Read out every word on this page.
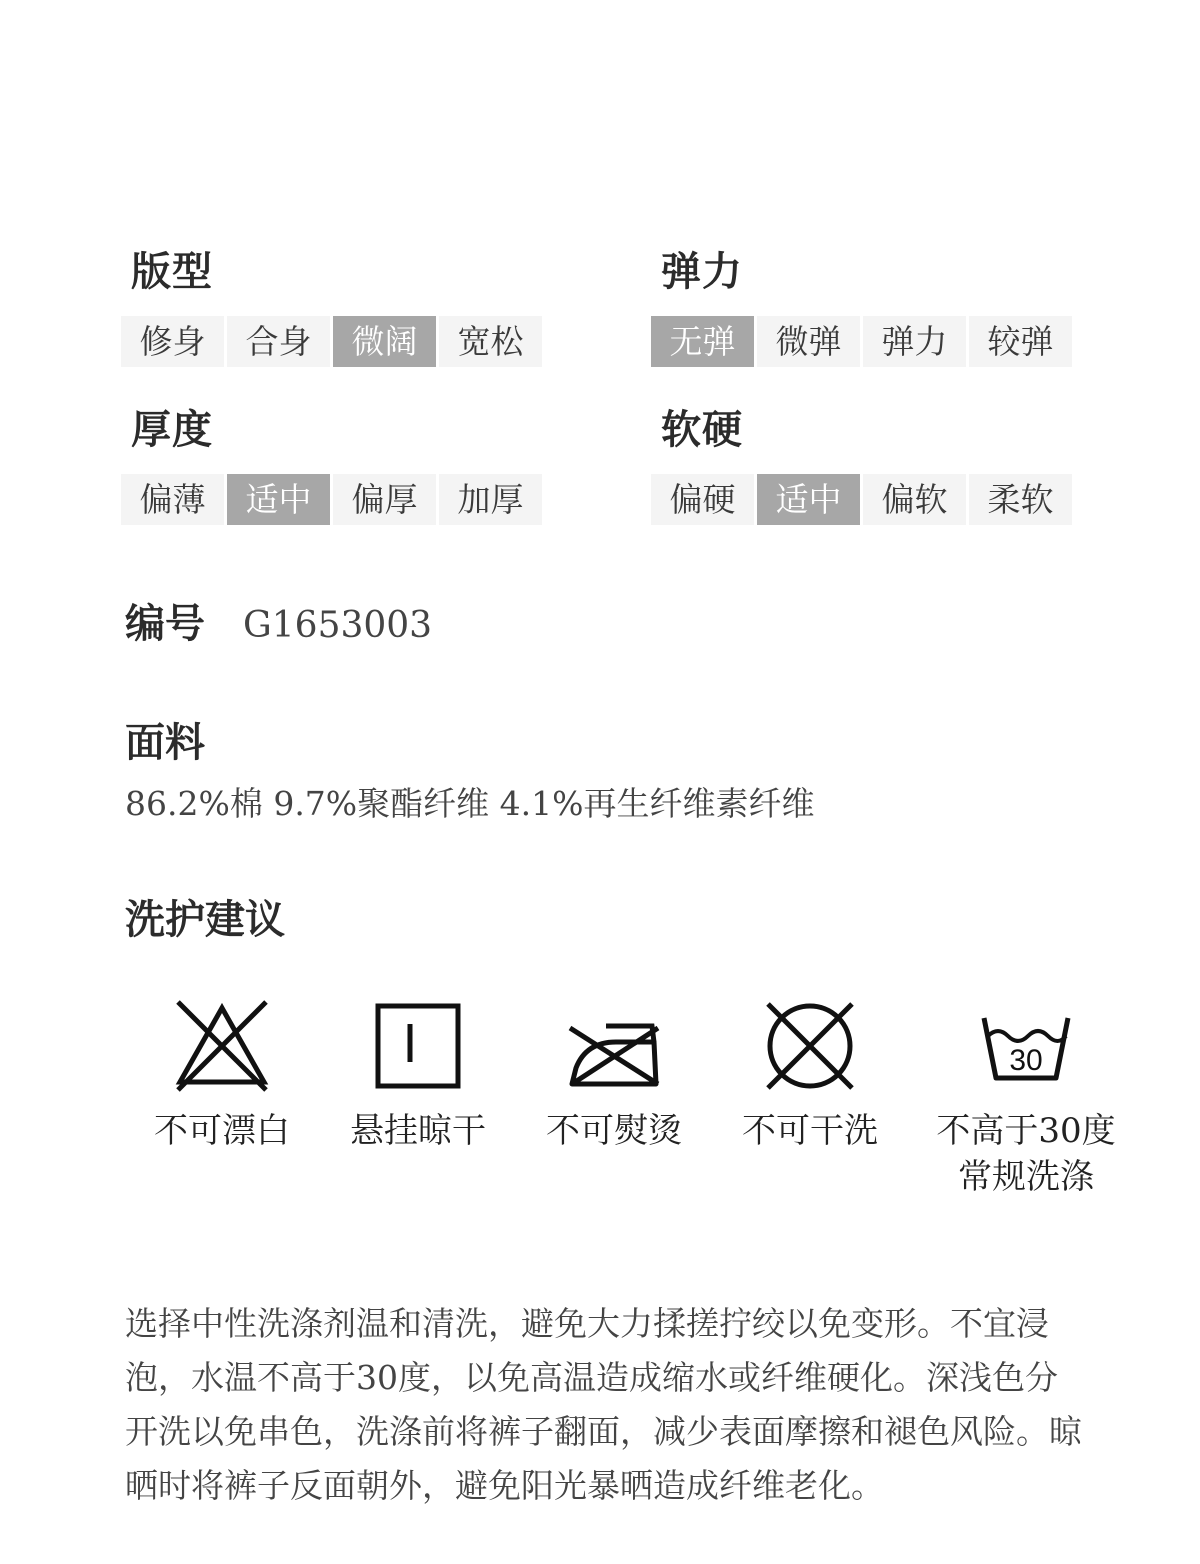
版型
修身	合身	微阔	宽松
弹力
无弹	微弹	弹力	较弹
厚度
偏薄	适中	偏厚	加厚
软硬
偏硬	适中	偏软	柔软
编号 G1653003
面料
86.2%棉 9.7%聚酯纤维 4.1%再生纤维素纤维
洗护建议
不可漂白	悬挂晾干	不可熨烫	不可干洗
30
不高于30度
常规洗涤
选择中性洗涤剂温和清洗，避免大力揉搓拧绞以免变形。不宜浸泡，水温不高于30度，以免高温造成缩水或纤维硬化。深浅色分开洗以免串色，洗涤前将裤子翻面，减少表面摩擦和褪色风险。晾晒时将裤子反面朝外，避免阳光暴晒造成纤维老化。
